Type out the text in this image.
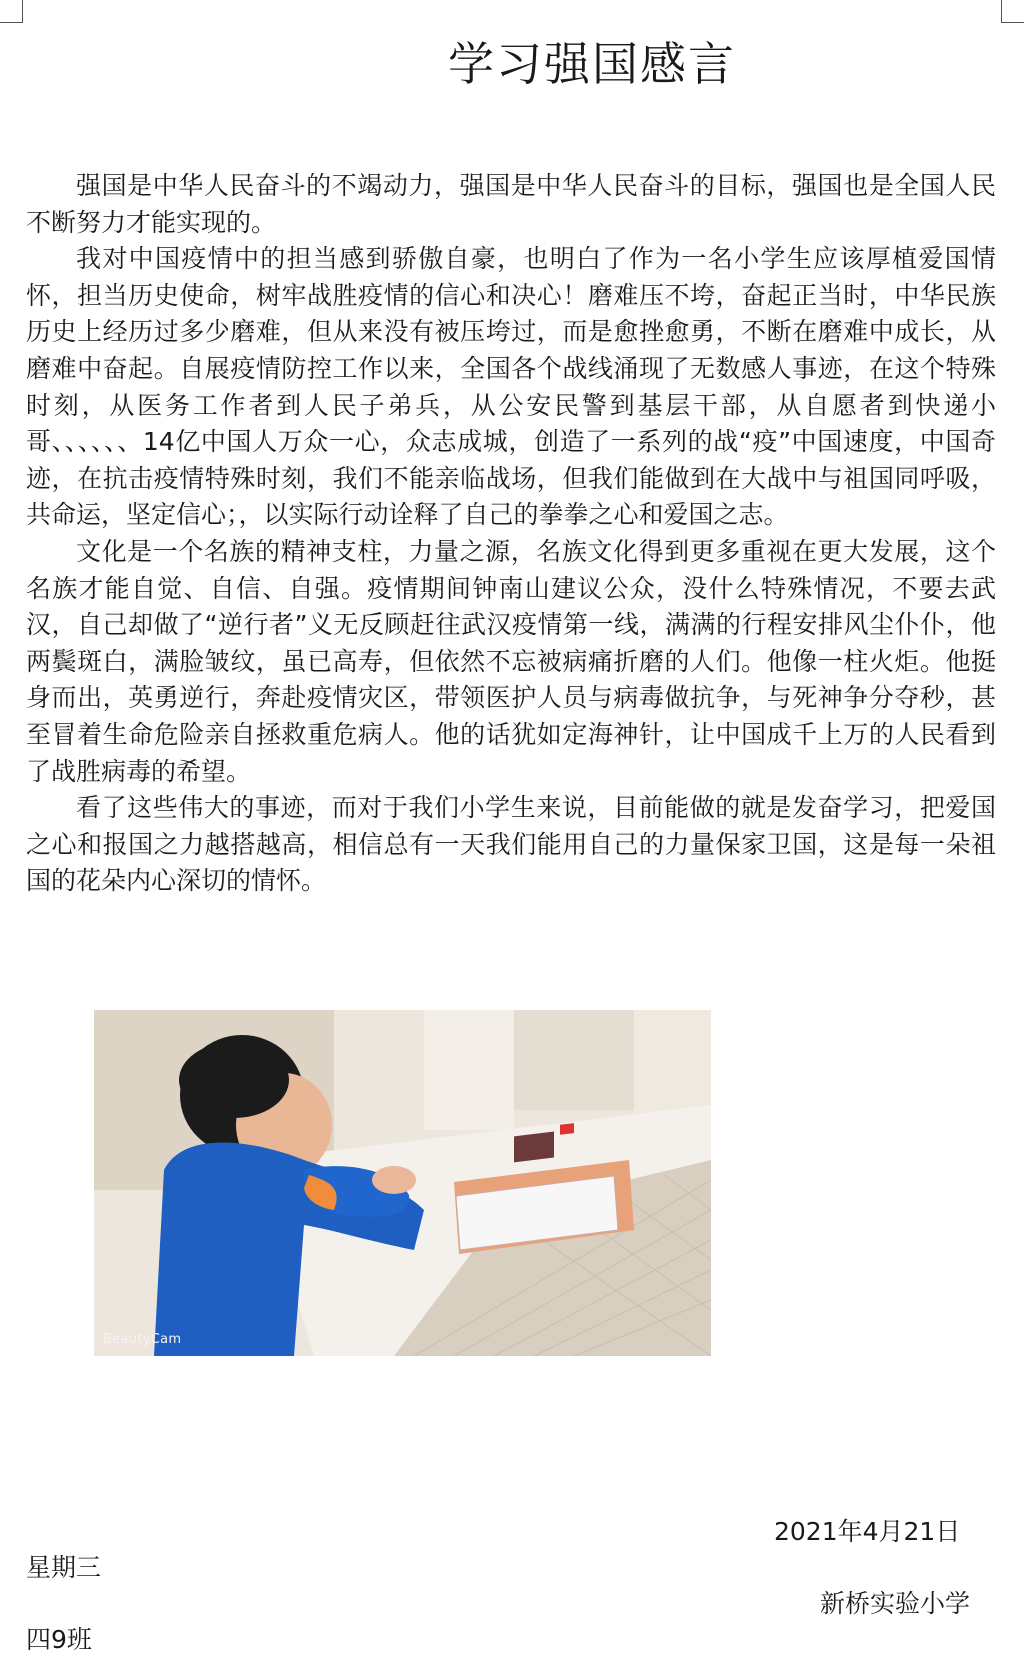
学习强国感言

强国是中华人民奋斗的不竭动力，强国是中华人民奋斗的目标，强国也是全国人民不断努力才能实现的。

我对中国疫情中的担当感到骄傲自豪，也明白了作为一名小学生应该厚植爱国情怀，担当历史使命，树牢战胜疫情的信心和决心！磨难压不垮，奋起正当时，中华民族历史上经历过多少磨难，但从来没有被压垮过，而是愈挫愈勇，不断在磨难中成长，从磨难中奋起。自展疫情防控工作以来，全国各个战线涌现了无数感人事迹，在这个特殊时刻，从医务工作者到人民子弟兵，从公安民警到基层干部，从自愿者到快递小哥、、、、、、14亿中国人万众一心，众志成城，创造了一系列的战“疫”中国速度，中国奇迹，在抗击疫情特殊时刻，我们不能亲临战场，但我们能做到在大战中与祖国同呼吸，共命运，坚定信心；，以实际行动诠释了自己的拳拳之心和爱国之志。

文化是一个名族的精神支柱，力量之源，名族文化得到更多重视在更大发展，这个名族才能自觉、自信、自强。疫情期间钟南山建议公众，没什么特殊情况，不要去武汉，自己却做了“逆行者”义无反顾赶往武汉疫情第一线，满满的行程安排风尘仆仆，他两鬓斑白，满脸皱纹，虽已高寿，但依然不忘被病痛折磨的人们。他像一柱火炬。他挺身而出，英勇逆行，奔赴疫情灾区，带领医护人员与病毒做抗争，与死神争分夺秒，甚至冒着生命危险亲自拯救重危病人。他的话犹如定海神针，让中国成千上万的人民看到了战胜病毒的希望。

看了这些伟大的事迹，而对于我们小学生来说，目前能做的就是发奋学习，把爱国之心和报国之力越搭越高，相信总有一天我们能用自己的力量保家卫国，这是每一朵祖国的花朵内心深切的情怀。

BeautyCam
2021年4月21日
星期三
新桥实验小学
四9班
